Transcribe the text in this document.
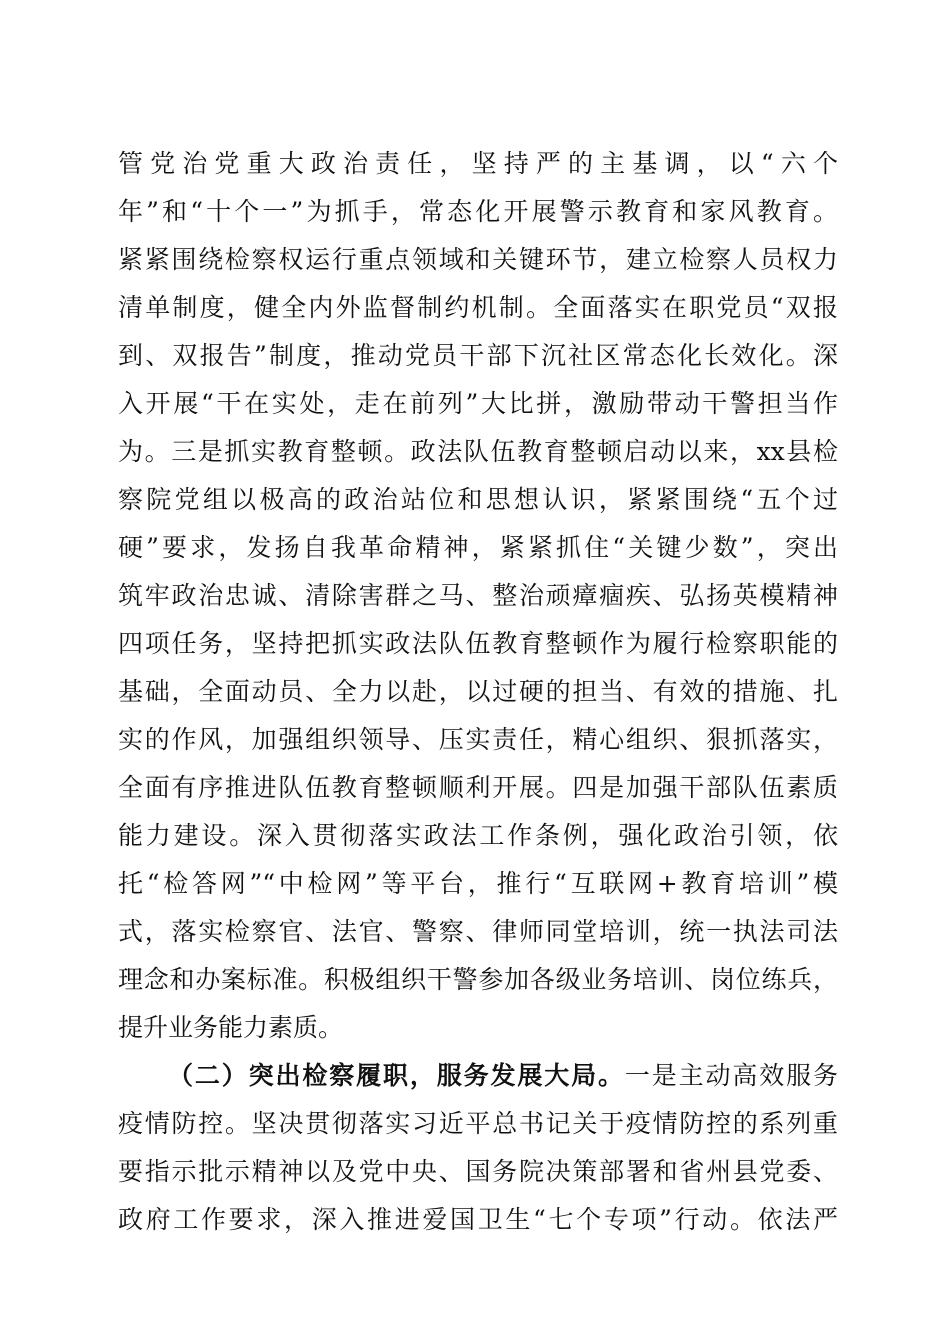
管党治党重大政治责任，坚持严的主基调，以“六个
年”和“十个一”为抓手，常态化开展警示教育和家风教育。
紧紧围绕检察权运行重点领域和关键环节，建立检察人员权力
清单制度，健全内外监督制约机制。全面落实在职党员“双报
到、双报告”制度，推动党员干部下沉社区常态化长效化。深
入开展“干在实处，走在前列”大比拼，激励带动干警担当作
为。三是抓实教育整顿。政法队伍教育整顿启动以来，xx县检
察院党组以极高的政治站位和思想认识，紧紧围绕“五个过
硬”要求，发扬自我革命精神，紧紧抓住“关键少数”，突出
筑牢政治忠诚、清除害群之马、整治顽瘴痼疾、弘扬英模精神
四项任务，坚持把抓实政法队伍教育整顿作为履行检察职能的
基础，全面动员、全力以赴，以过硬的担当、有效的措施、扎
实的作风，加强组织领导、压实责任，精心组织、狠抓落实，
全面有序推进队伍教育整顿顺利开展。四是加强干部队伍素质
能力建设。深入贯彻落实政法工作条例，强化政治引领，依
托“检答网”“中检网”等平台，推行“互联网+教育培训”模
式，落实检察官、法官、警察、律师同堂培训，统一执法司法
理念和办案标准。积极组织干警参加各级业务培训、岗位练兵，
提升业务能力素质。
（二）突出检察履职，服务发展大局。一是主动高效服务
疫情防控。坚决贯彻落实习近平总书记关于疫情防控的系列重
要指示批示精神以及党中央、国务院决策部署和省州县党委、
政府工作要求，深入推进爱国卫生“七个专项”行动。依法严
